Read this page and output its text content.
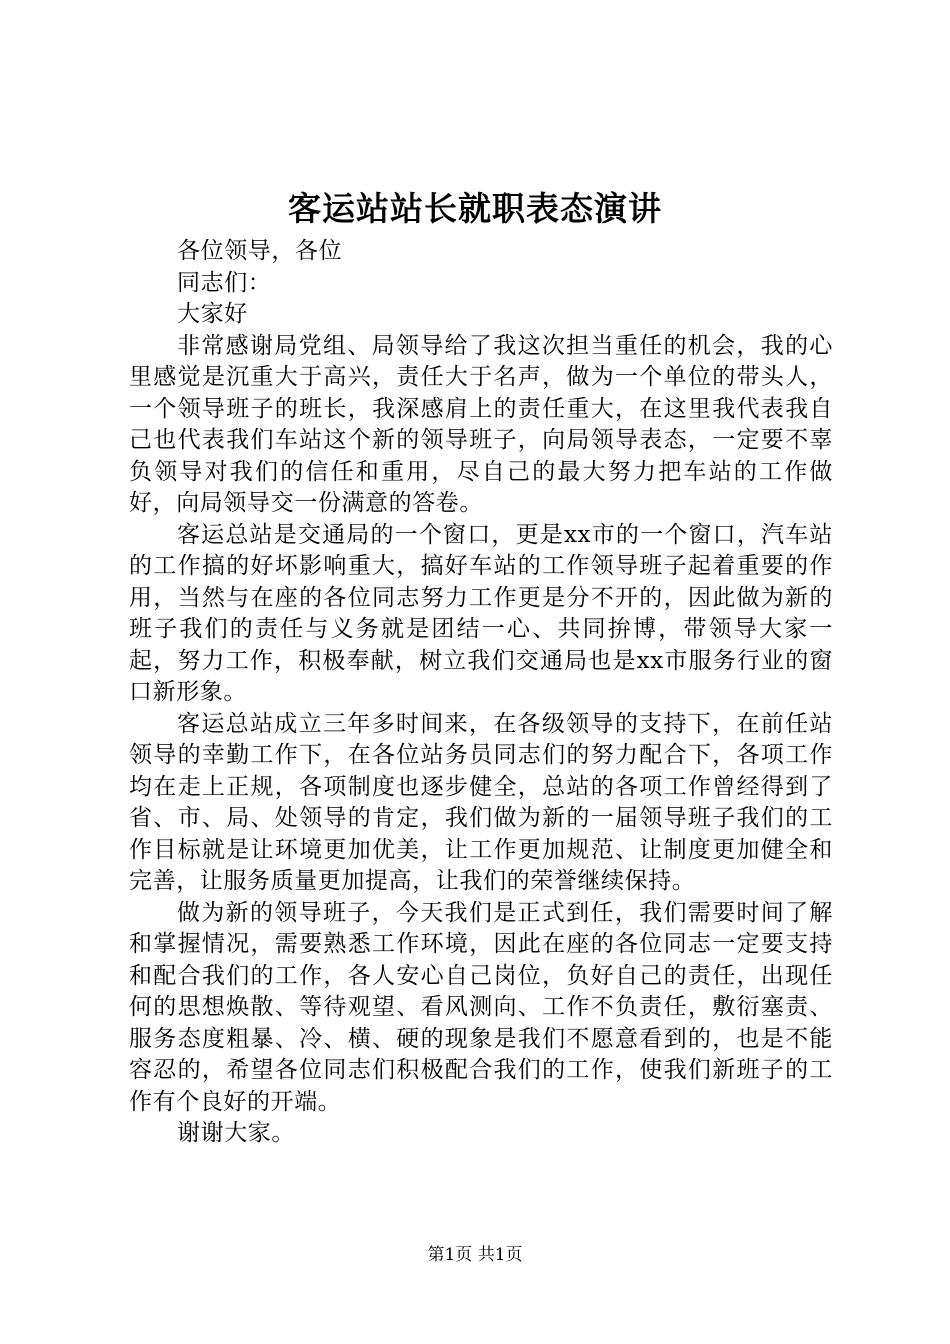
客运站站长就职表态演讲

各位领导，各位

同志们：

大家好

非常感谢局党组、局领导给了我这次担当重任的机会，我的心里感觉是沉重大于高兴，责任大于名声，做为一个单位的带头人，一个领导班子的班长，我深感肩上的责任重大，在这里我代表我自己也代表我们车站这个新的领导班子，向局领导表态，一定要不辜负领导对我们的信任和重用，尽自己的最大努力把车站的工作做好，向局领导交一份满意的答卷。

客运总站是交通局的一个窗口，更是xx市的一个窗口，汽车站的工作搞的好坏影响重大，搞好车站的工作领导班子起着重要的作用，当然与在座的各位同志努力工作更是分不开的，因此做为新的班子我们的责任与义务就是团结一心、共同拚博，带领导大家一起，努力工作，积极奉献，树立我们交通局也是xx市服务行业的窗口新形象。

客运总站成立三年多时间来，在各级领导的支持下，在前任站领导的幸勤工作下，在各位站务员同志们的努力配合下，各项工作均在走上正规，各项制度也逐步健全，总站的各项工作曾经得到了省、市、局、处领导的肯定，我们做为新的一届领导班子我们的工作目标就是让环境更加优美，让工作更加规范、让制度更加健全和完善，让服务质量更加提高，让我们的荣誉继续保持。

做为新的领导班子，今天我们是正式到任，我们需要时间了解和掌握情况，需要熟悉工作环境，因此在座的各位同志一定要支持和配合我们的工作，各人安心自己岗位，负好自己的责任，出现任何的思想焕散、等待观望、看风测向、工作不负责任，敷衍塞责、服务态度粗暴、冷、横、硬的现象是我们不愿意看到的，也是不能容忍的，希望各位同志们积极配合我们的工作，使我们新班子的工作有个良好的开端。

谢谢大家。

第1页 共1页
